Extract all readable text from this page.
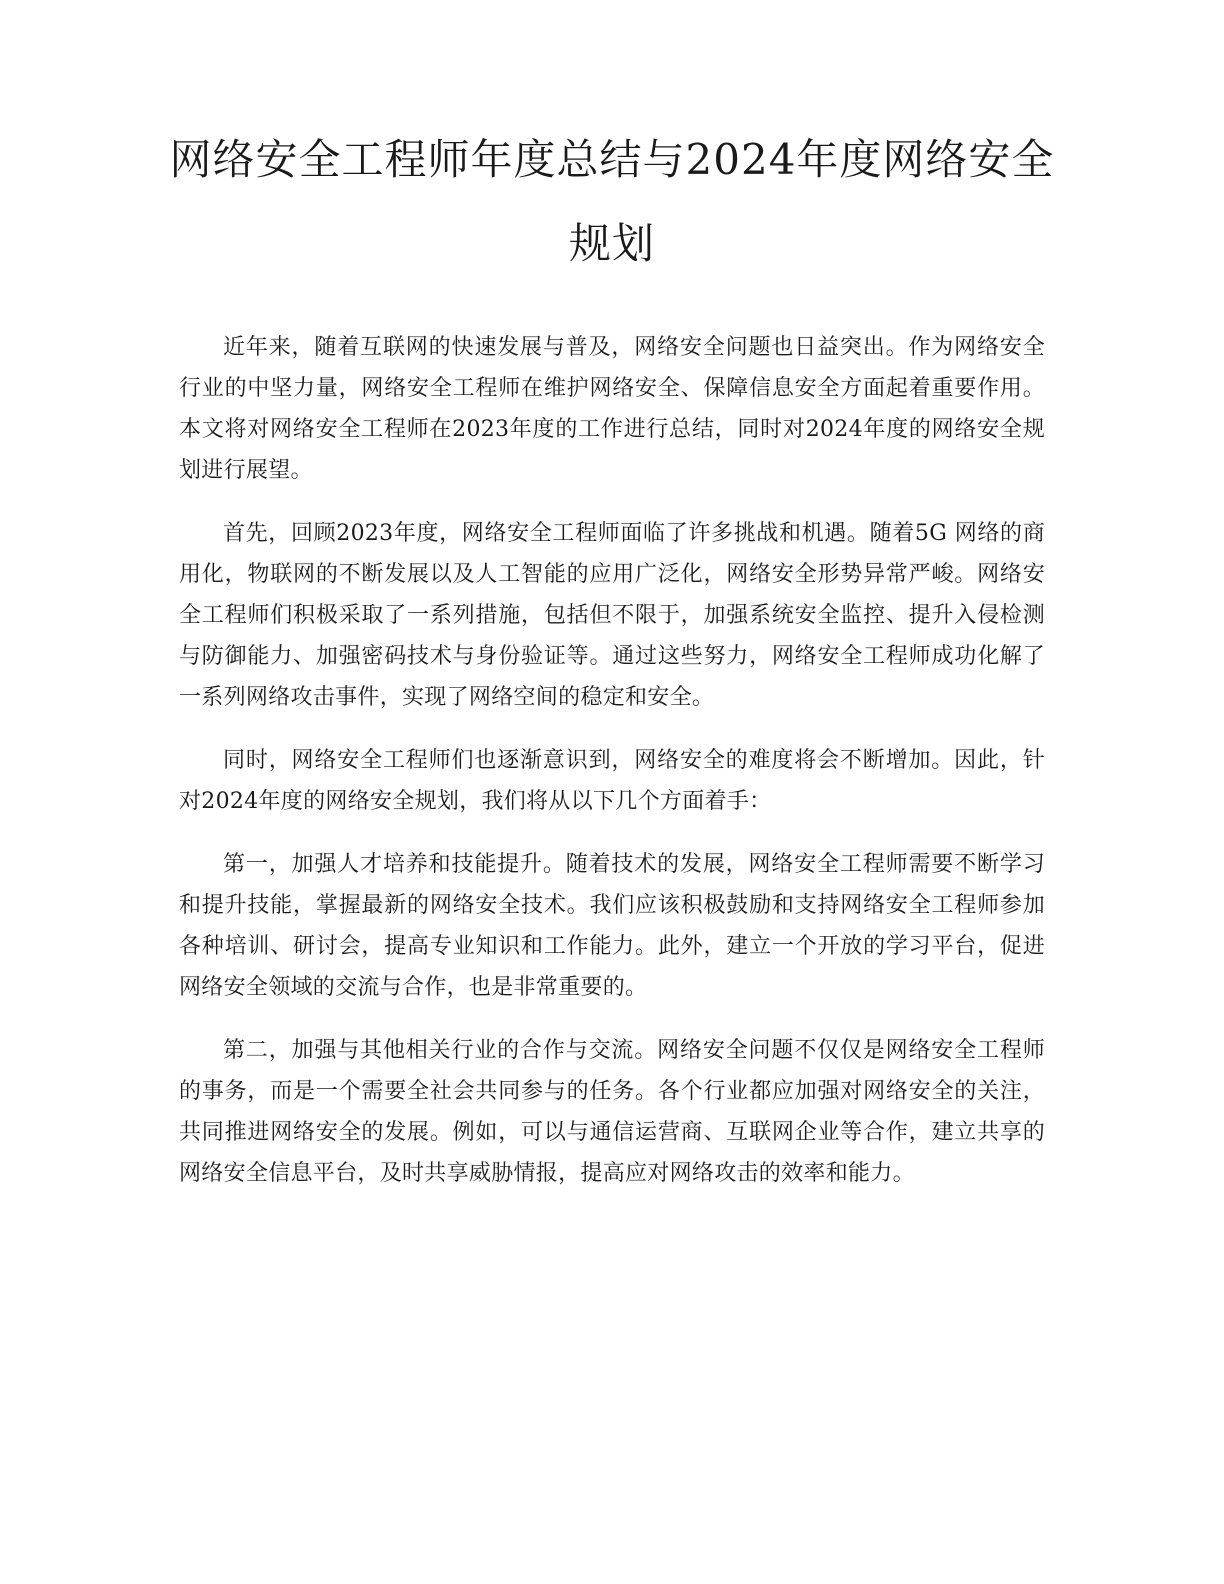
网络安全工程师年度总结与2024年度网络安全规划

近年来，随着互联网的快速发展与普及，网络安全问题也日益突出。作为网络安全行业的中坚力量，网络安全工程师在维护网络安全、保障信息安全方面起着重要作用。本文将对网络安全工程师在2023年度的工作进行总结，同时对2024年度的网络安全规划进行展望。

首先，回顾2023年度，网络安全工程师面临了许多挑战和机遇。随着5G 网络的商用化，物联网的不断发展以及人工智能的应用广泛化，网络安全形势异常严峻。网络安全工程师们积极采取了一系列措施，包括但不限于，加强系统安全监控、提升入侵检测与防御能力、加强密码技术与身份验证等。通过这些努力，网络安全工程师成功化解了一系列网络攻击事件，实现了网络空间的稳定和安全。

同时，网络安全工程师们也逐渐意识到，网络安全的难度将会不断增加。因此，针对2024年度的网络安全规划，我们将从以下几个方面着手：

第一，加强人才培养和技能提升。随着技术的发展，网络安全工程师需要不断学习和提升技能，掌握最新的网络安全技术。我们应该积极鼓励和支持网络安全工程师参加各种培训、研讨会，提高专业知识和工作能力。此外，建立一个开放的学习平台，促进网络安全领域的交流与合作，也是非常重要的。

第二，加强与其他相关行业的合作与交流。网络安全问题不仅仅是网络安全工程师的事务，而是一个需要全社会共同参与的任务。各个行业都应加强对网络安全的关注，共同推进网络安全的发展。例如，可以与通信运营商、互联网企业等合作，建立共享的网络安全信息平台，及时共享威胁情报，提高应对网络攻击的效率和能力。
